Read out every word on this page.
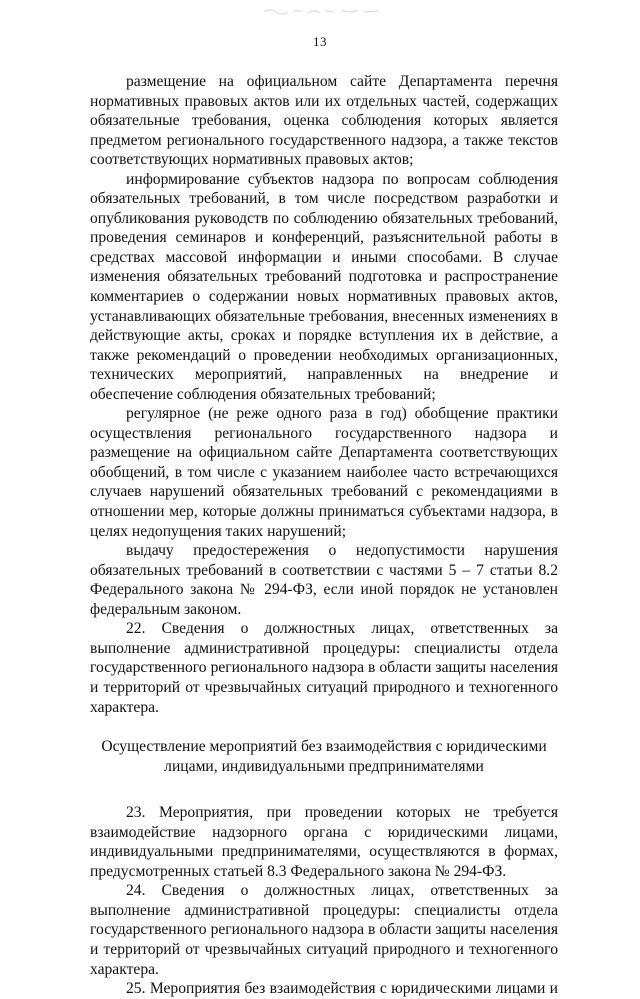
13

размещение на официальном сайте Департамента перечня нормативных правовых актов или их отдельных частей, содержащих обязательные требования, оценка соблюдения которых является предметом регионального государственного надзора, а также текстов соответствующих нормативных правовых актов;

информирование субъектов надзора по вопросам соблюдения обязательных требований, в том числе посредством разработки и опубликования руководств по соблюдению обязательных требований, проведения семинаров и конференций, разъяснительной работы в средствах массовой информации и иными способами. В случае изменения обязательных требований подготовка и распространение комментариев о содержании новых нормативных правовых актов, устанавливающих обязательные требования, внесенных изменениях в действующие акты, сроках и порядке вступления их в действие, а также рекомендаций о проведении необходимых организационных, технических мероприятий, направленных на внедрение и обеспечение соблюдения обязательных требований;

регулярное (не реже одного раза в год) обобщение практики осуществления регионального государственного надзора и размещение на официальном сайте Департамента соответствующих обобщений, в том числе с указанием наиболее часто встречающихся случаев нарушений обязательных требований с рекомендациями в отношении мер, которые должны приниматься субъектами надзора, в целях недопущения таких нарушений;

выдачу предостережения о недопустимости нарушения обязательных требований в соответствии с частями 5 – 7 статьи 8.2 Федерального закона № 294-ФЗ, если иной порядок не установлен федеральным законом.

22. Сведения о должностных лицах, ответственных за выполнение административной процедуры: специалисты отдела государственного регионального надзора в области защиты населения и территорий от чрезвычайных ситуаций природного и техногенного характера.

Осуществление мероприятий без взаимодействия с юридическими лицами, индивидуальными предпринимателями

23. Мероприятия, при проведении которых не требуется взаимодействие надзорного органа с юридическими лицами, индивидуальными предпринимателями, осуществляются в формах, предусмотренных статьей 8.3 Федерального закона № 294-ФЗ.

24. Сведения о должностных лицах, ответственных за выполнение административной процедуры: специалисты отдела государственного регионального надзора в области защиты населения и территорий от чрезвычайных ситуаций природного и техногенного характера.

25. Мероприятия без взаимодействия с юридическими лицами и
